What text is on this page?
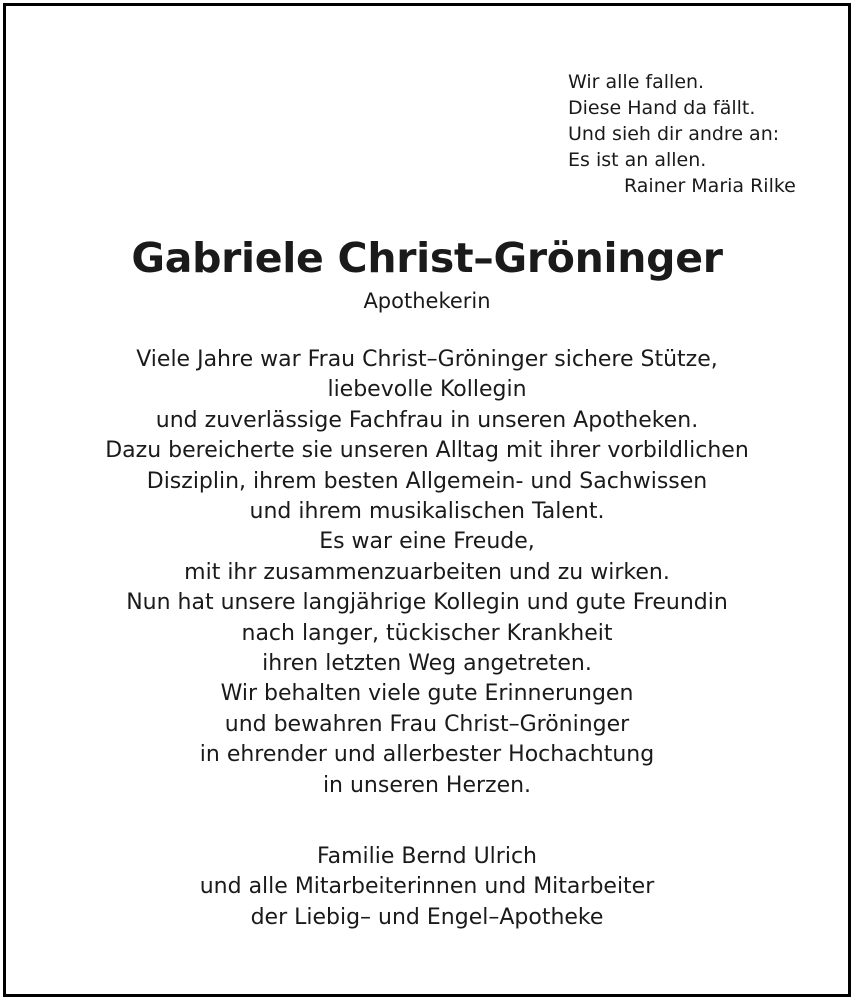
Wir alle fallen.
Diese Hand da fällt.
Und sieh dir andre an:
Es ist an allen.
Rainer Maria Rilke
Gabriele Christ–Gröninger
Apothekerin
Viele Jahre war Frau Christ–Gröninger sichere Stütze,
liebevolle Kollegin
und zuverlässige Fachfrau in unseren Apotheken.
Dazu bereicherte sie unseren Alltag mit ihrer vorbildlichen
Disziplin, ihrem besten Allgemein- und Sachwissen
und ihrem musikalischen Talent.
Es war eine Freude,
mit ihr zusammenzuarbeiten und zu wirken.
Nun hat unsere langjährige Kollegin und gute Freundin
nach langer, tückischer Krankheit
ihren letzten Weg angetreten.
Wir behalten viele gute Erinnerungen
und bewahren Frau Christ–Gröninger
in ehrender und allerbester Hochachtung
in unseren Herzen.
Familie Bernd Ulrich
und alle Mitarbeiterinnen und Mitarbeiter
der Liebig– und Engel–Apotheke
